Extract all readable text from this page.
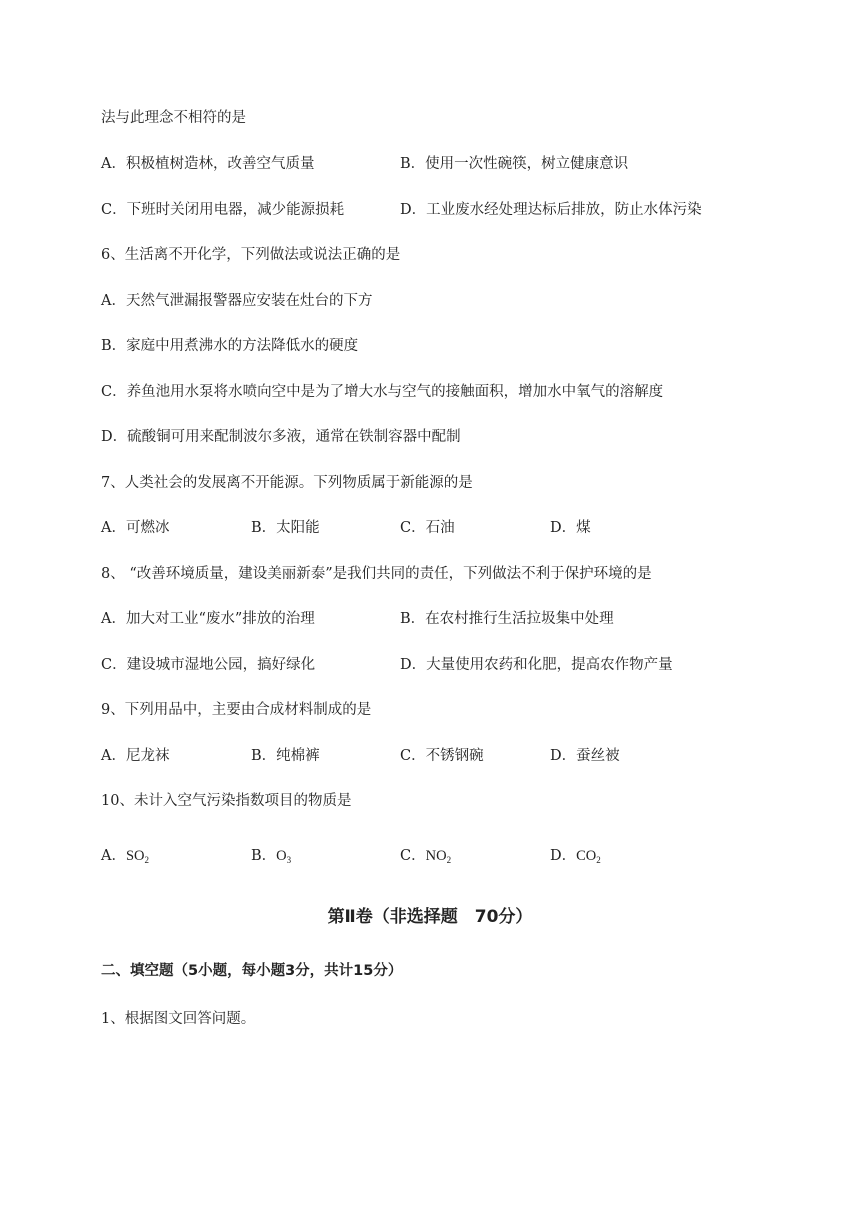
法与此理念不相符的是
A．积极植树造林，改善空气质量	B．使用一次性碗筷，树立健康意识
C．下班时关闭用电器，减少能源损耗	D．工业废水经处理达标后排放，防止水体污染
6、生活离不开化学，下列做法或说法正确的是
A．天然气泄漏报警器应安装在灶台的下方
B．家庭中用煮沸水的方法降低水的硬度
C．养鱼池用水泵将水喷向空中是为了增大水与空气的接触面积，增加水中氧气的溶解度
D．硫酸铜可用来配制波尔多液，通常在铁制容器中配制
7、人类社会的发展离不开能源。下列物质属于新能源的是
A．可燃冰	B．太阳能	C．石油	D．煤
8、 “改善环境质量，建设美丽新泰”是我们共同的责任，下列做法不利于保护环境的是
A．加大对工业“废水”排放的治理	B．在农村推行生活拉圾集中处理
C．建设城市湿地公园，搞好绿化	D．大量使用农药和化肥，提高农作物产量
9、下列用品中，主要由合成材料制成的是
A．尼龙袜	B．纯棉裤	C．不锈钢碗	D．蚕丝被
10、未计入空气污染指数项目的物质是
A．$SO_2$	B．$O_3$	C．$NO_2$	D．$CO_2$
第Ⅱ卷（非选择题　70分）
二、填空题（5小题，每小题3分，共计15分）
1、根据图文回答问题。
